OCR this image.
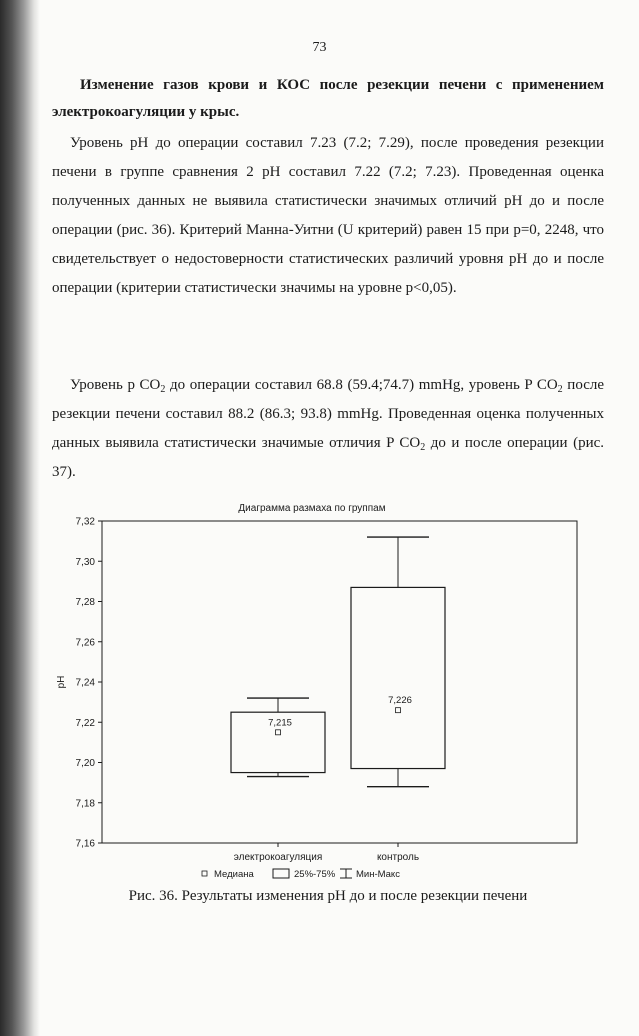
73
Изменение газов крови и КОС после резекции печени с применением электрокоагуляции у крыс.

Уровень pH до операции составил 7.23 (7.2; 7.29), после проведения резекции печени в группе сравнения 2 pH составил 7.22 (7.2; 7.23). Проведенная оценка полученных данных не выявила статистически значимых отличий pH до и после операции (рис. 36). Критерий Манна-Уитни (U критерий) равен 15 при p=0, 2248, что свидетельствует о недостоверности статистических различий уровня pH до и после операции (критерии статистически значимы на уровне p<0,05).

Уровень p $CO_2$ до операции составил 68.8 (59.4;74.7) mmHg, уровень P $CO_2$ после резекции печени составил 88.2 (86.3; 93.8) mmHg. Проведенная оценка полученных данных выявила статистически значимые отличия P $CO_2$ до и после операции (рис. 37).

Диаграмма размаха по группам
7,32
7,30
7,28
7,26
7,24
7,22
7,20
7,18
7,16
pH
7,215
7,226
электрокоагуляция	контроль
Медиана	25%-75% Мин-Макс
Рис. 36. Результаты изменения pH до и после резекции печени
